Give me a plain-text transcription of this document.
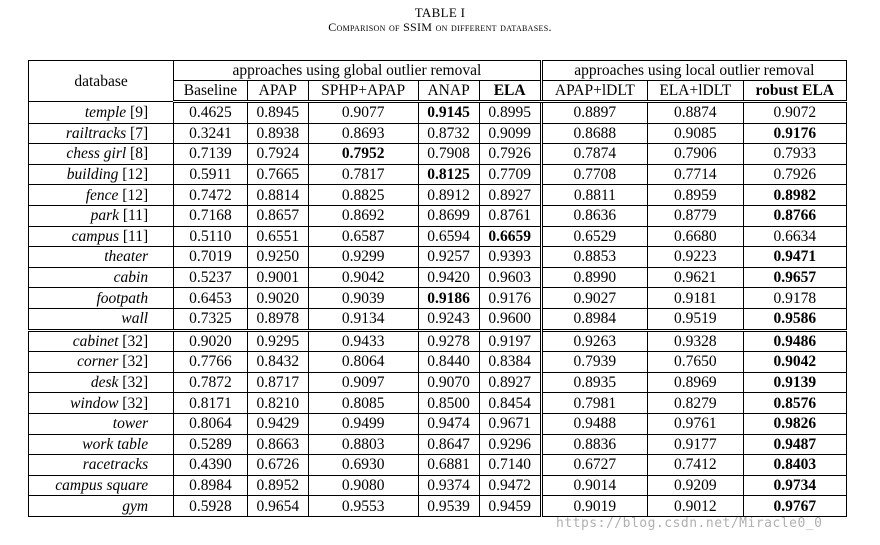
TABLE I
Comparison of SSIM on different databases.
database	approaches using global outlier removal					approaches using local outlier removal		
	Baseline	APAP	SPHP+APAP	ANAP	ELA	APAP+lDLT	ELA+lDLT	robust ELA
temple [9]	0.4625	0.8945	0.9077	0.9145	0.8995	0.8897	0.8874	0.9072
railtracks [7]	0.3241	0.8938	0.8693	0.8732	0.9099	0.8688	0.9085	0.9176
chess girl [8]	0.7139	0.7924	0.7952	0.7908	0.7926	0.7874	0.7906	0.7933
building [12]	0.5911	0.7665	0.7817	0.8125	0.7709	0.7708	0.7714	0.7926
fence [12]	0.7472	0.8814	0.8825	0.8912	0.8927	0.8811	0.8959	0.8982
park [11]	0.7168	0.8657	0.8692	0.8699	0.8761	0.8636	0.8779	0.8766
campus [11]	0.5110	0.6551	0.6587	0.6594	0.6659	0.6529	0.6680	0.6634
theater	0.7019	0.9250	0.9299	0.9257	0.9393	0.8853	0.9223	0.9471
cabin	0.5237	0.9001	0.9042	0.9420	0.9603	0.8990	0.9621	0.9657
footpath	0.6453	0.9020	0.9039	0.9186	0.9176	0.9027	0.9181	0.9178
wall	0.7325	0.8978	0.9134	0.9243	0.9600	0.8984	0.9519	0.9586
cabinet [32]	0.9020	0.9295	0.9433	0.9278	0.9197	0.9263	0.9328	0.9486
corner [32]	0.7766	0.8432	0.8064	0.8440	0.8384	0.7939	0.7650	0.9042
desk [32]	0.7872	0.8717	0.9097	0.9070	0.8927	0.8935	0.8969	0.9139
window [32]	0.8171	0.8210	0.8085	0.8500	0.8454	0.7981	0.8279	0.8576
tower	0.8064	0.9429	0.9499	0.9474	0.9671	0.9488	0.9761	0.9826
work table	0.5289	0.8663	0.8803	0.8647	0.9296	0.8836	0.9177	0.9487
racetracks	0.4390	0.6726	0.6930	0.6881	0.7140	0.6727	0.7412	0.8403
campus square	0.8984	0.8952	0.9080	0.9374	0.9472	0.9014	0.9209	0.9734
gym	0.5928	0.9654	0.9553	0.9539	0.9459	0.9019	0.9012	0.9767
https://blog.csdn.net/Miracle0_0
